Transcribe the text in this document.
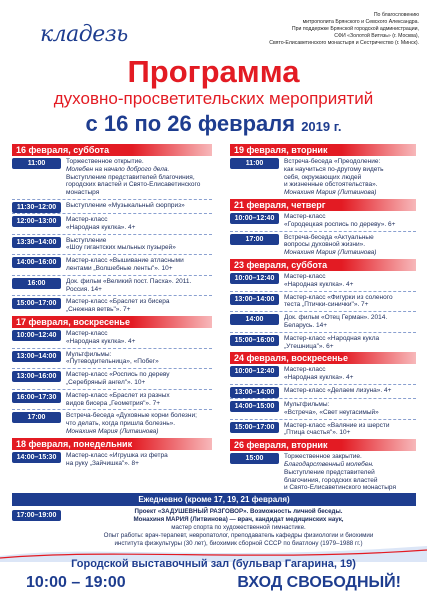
кладезь
По благословению
митрополита Брянского и Севского Александра.
При поддержке Брянской городской администрации,
СФИ «Золотой Витязь» (г. Москва),
Свято-Елисаветинского монастыря и Сестричество (г. Минск).
Программа
духовно-просветительских мероприятий
с 16 по 26 февраля 2019 г.
16 февраля, суббота
11:00	Торжественное открытие.
Молебен на начало доброго дела.
Выступление представителей благочиния,
городских властей и Свято-Елисаветинского
монастыря
11:30–12:00	Выступление «Музыкальный сюрприз»
12:00–13:00	Мастер-класс
«Народная куклка». 4+
13:30–14:00	Выступление
«Шоу гигантских мыльных пузырей»
14:00–16:00	Мастер-класс «Вышивание атласными
лентами „Волшебные ленты"». 10+
16:00	Док. фильм «Великий пост. Пасха». 2011.
Россия. 14+
15:00–17:00	Мастер-класс «Браслет из бисера
„Снежная ветвь"». 7+
17 февраля, воскресенье
10:00–12:40	Мастер-класс
«Народная куклка». 4+
13:00–14:00	Мультфильмы:
«Путеводительница», «Побег»
13:00–16:00	Мастер-класс «Роспись по дереву
„Серебряный ангел"». 10+
16:00–17:30	Мастер-класс «Браслет из разных
видов бисера „Геометрия"». 7+
17:00	Встреча-беседа «Духовные корни болезни;
что делать, когда пришла болезнь».
Монахиня Мария (Литвинова)
18 февраля, понедельник
14:00–15:30	Мастер-класс «Игрушка из фетра
на руку „Зайчишка"». 8+
19 февраля, вторник
11:00	Встреча-беседа «Преодоление:
как научиться по-другому видеть
себя, окружающих людей
и жизненные обстоятельства».
Монахиня Мария (Литвинова)
21 февраля, четверг
10:00–12:40	Мастер-класс
«Городецкая роспись по дереву». 6+
17:00	Встреча-беседа «Актуальные
вопросы духовной жизни».
Монахиня Мария (Литвинова)
23 февраля, суббота
10:00–12:40	Мастер-класс
«Народная куклка». 4+
13:00–14:00	Мастер-класс «Фигурки из соленого
теста „Птички-синички"». 7+
14:00	Док. фильм «Отец Герман». 2014.
Беларусь. 14+
15:00–16:00	Мастер-класс «Народная кукла
„Утешница"». 6+
24 февраля, воскресенье
10:00–12:40	Мастер-класс
«Народная куклка». 4+
13:00–14:00	Мастер-класс «Делаем лизуна». 4+
14:00–15:00	Мультфильмы:
«Встреча», «Свет неугасимый»
15:00–17:00	Мастер-класс «Валяние из шерсти
„Птица счастья"». 10+
26 февраля, вторник
15:00	Торжественное закрытие.
Благодарственный молебен.
Выступление представителей
благочиния, городских властей
и Свято-Елисаветинского монастыря
Ежедневно (кроме 17, 19, 21 февраля)
17:00–19:00
Проект «ЗАДУШЕВНЫЙ РАЗГОВОР». Возможность личной беседы.
Монахиня МАРИЯ (Литвинова) — врач, кандидат медицинских наук,
мастер спорта по художественной гимнастике.
Опыт работы: врач-терапевт, невропатолог, преподаватель кафедры физиологии и биохимии
института физкультуры (30 лет), биохимик сборной СССР по биатлону (1979–1988 гг.)
Городской выставочный зал (бульвар Гагарина, 19)
10:00 – 19:00	ВХОД СВОБОДНЫЙ!
